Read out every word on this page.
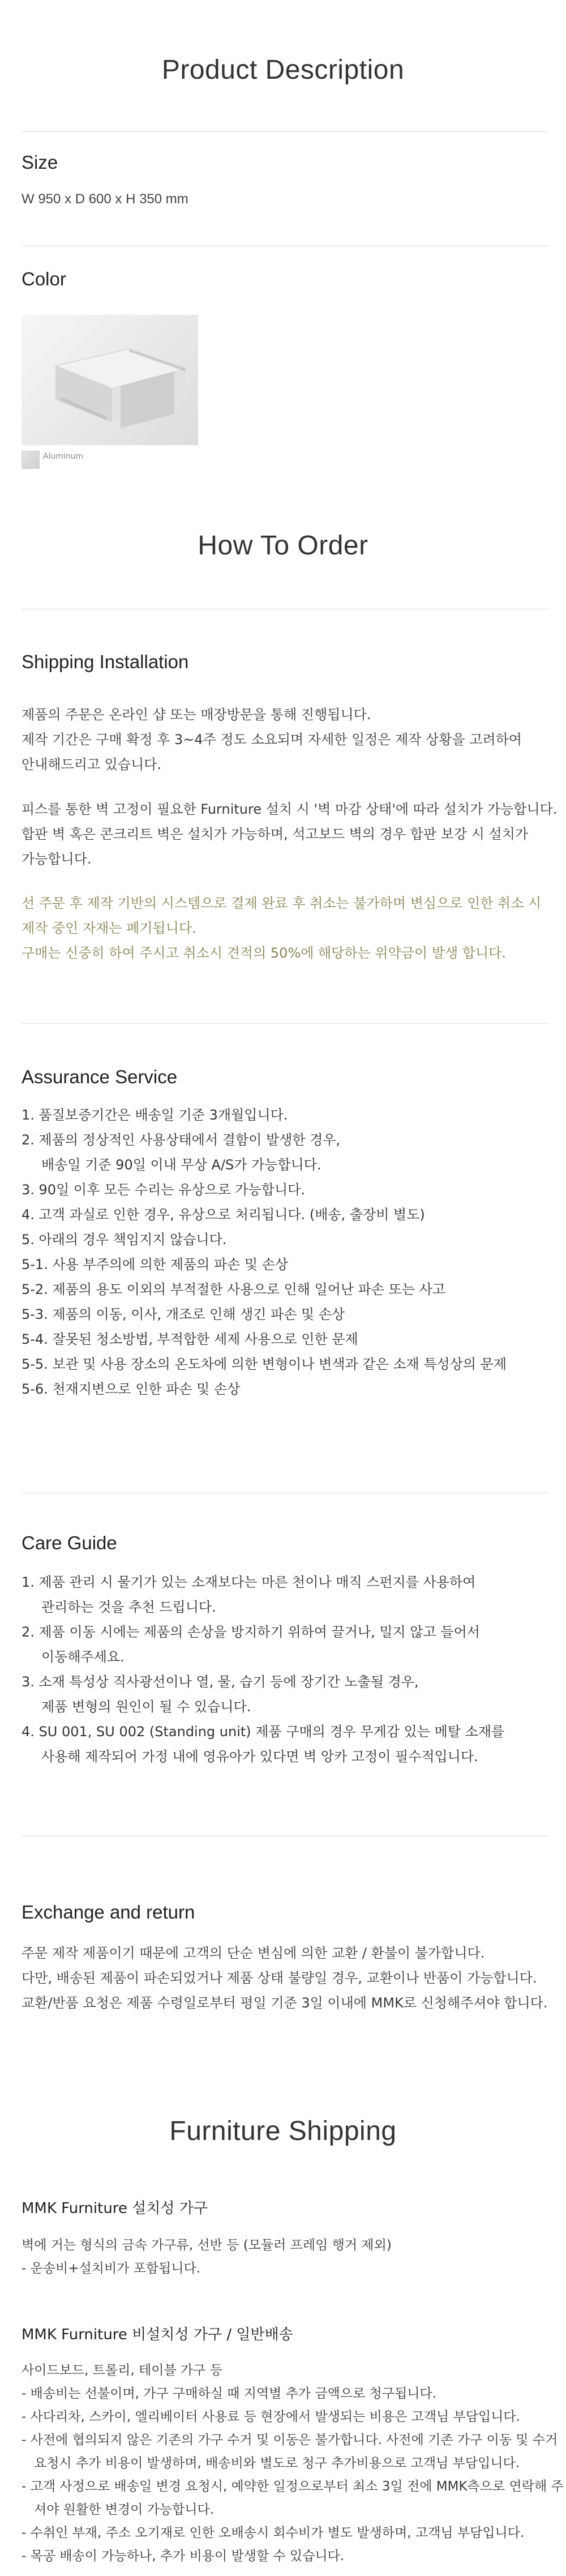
Product Description
Size
W 950 x D 600 x H 350 mm
Color
Aluminum
How To Order
Shipping Installation

제품의 주문은 온라인 샵 또는 매장방문을 통해 진행됩니다.

제작 기간은 구매 확정 후 3~4주 정도 소요되며 자세한 일정은 제작 상황을 고려하여

안내해드리고 있습니다.

피스를 통한 벽 고정이 필요한 Furniture 설치 시 '벽 마감 상태'에 따라 설치가 가능합니다.

합판 벽 혹은 콘크리트 벽은 설치가 가능하며, 석고보드 벽의 경우 합판 보강 시 설치가

가능합니다.

선 주문 후 제작 기반의 시스템으로 결제 완료 후 취소는 불가하며 변심으로 인한 취소 시

제작 중인 자재는 폐기됩니다.

구매는 신중히 하여 주시고 취소시 견적의 50%에 해당하는 위약금이 발생 합니다.

Assurance Service

1. 품질보증기간은 배송일 기준 3개월입니다.

2. 제품의 정상적인 사용상태에서 결함이 발생한 경우,

배송일 기준 90일 이내 무상 A/S가 가능합니다.

3. 90일 이후 모든 수리는 유상으로 가능합니다.

4. 고객 과실로 인한 경우, 유상으로 처리됩니다. (배송, 출장비 별도)

5. 아래의 경우 책임지지 않습니다.

5-1. 사용 부주의에 의한 제품의 파손 및 손상

5-2. 제품의 용도 이외의 부적절한 사용으로 인해 일어난 파손 또는 사고

5-3. 제품의 이동, 이사, 개조로 인해 생긴 파손 및 손상

5-4. 잘못된 청소방법, 부적합한 세제 사용으로 인한 문제

5-5. 보관 및 사용 장소의 온도차에 의한 변형이나 변색과 같은 소재 특성상의 문제

5-6. 천재지변으로 인한 파손 및 손상

Care Guide

1. 제품 관리 시 물기가 있는 소재보다는 마른 천이나 매직 스펀지를 사용하여

관리하는 것을 추천 드립니다.

2. 제품 이동 시에는 제품의 손상을 방지하기 위하여 끌거나, 밀지 않고 들어서

이동해주세요.

3. 소재 특성상 직사광선이나 열, 물, 습기 등에 장기간 노출될 경우,

제품 변형의 원인이 될 수 있습니다.

4. SU 001, SU 002 (Standing unit) 제품 구매의 경우 무게감 있는 메탈 소재를

사용해 제작되어 가정 내에 영유아가 있다면 벽 앙카 고정이 필수적입니다.

Exchange and return

주문 제작 제품이기 때문에 고객의 단순 변심에 의한 교환 / 환불이 불가합니다.

다만, 배송된 제품이 파손되었거나 제품 상태 불량일 경우, 교환이나 반품이 가능합니다.

교환/반품 요청은 제품 수령일로부터 평일 기준 3일 이내에 MMK로 신청해주셔야 합니다.

Furniture Shipping
MMK Furniture 설치성 가구

벽에 거는 형식의 금속 가구류, 선반 등 (모듈러 프레임 행거 제외)

- 운송비+설치비가 포함됩니다.

MMK Furniture 비설치성 가구 / 일반배송

사이드보드, 트롤리, 테이블 가구 등

- 배송비는 선불이며, 가구 구매하실 때 지역별 추가 금액으로 청구됩니다.

- 사다리차, 스카이, 엘리베이터 사용료 등 현장에서 발생되는 비용은 고객님 부담입니다.

- 사전에 협의되지 않은 기존의 가구 수거 및 이동은 불가합니다. 사전에 기존 가구 이동 및 수거

요청시 추가 비용이 발생하며, 배송비와 별도로 청구 추가비용으로 고객님 부담입니다.

- 고객 사정으로 배송일 변경 요청시, 예약한 일정으로부터 최소 3일 전에 MMK측으로 연락해 주

셔야 원활한 변경이 가능합니다.

- 수취인 부재, 주소 오기재로 인한 오배송시 회수비가 별도 발생하며, 고객님 부담입니다.

- 목공 배송이 가능하나, 추가 비용이 발생할 수 있습니다.
